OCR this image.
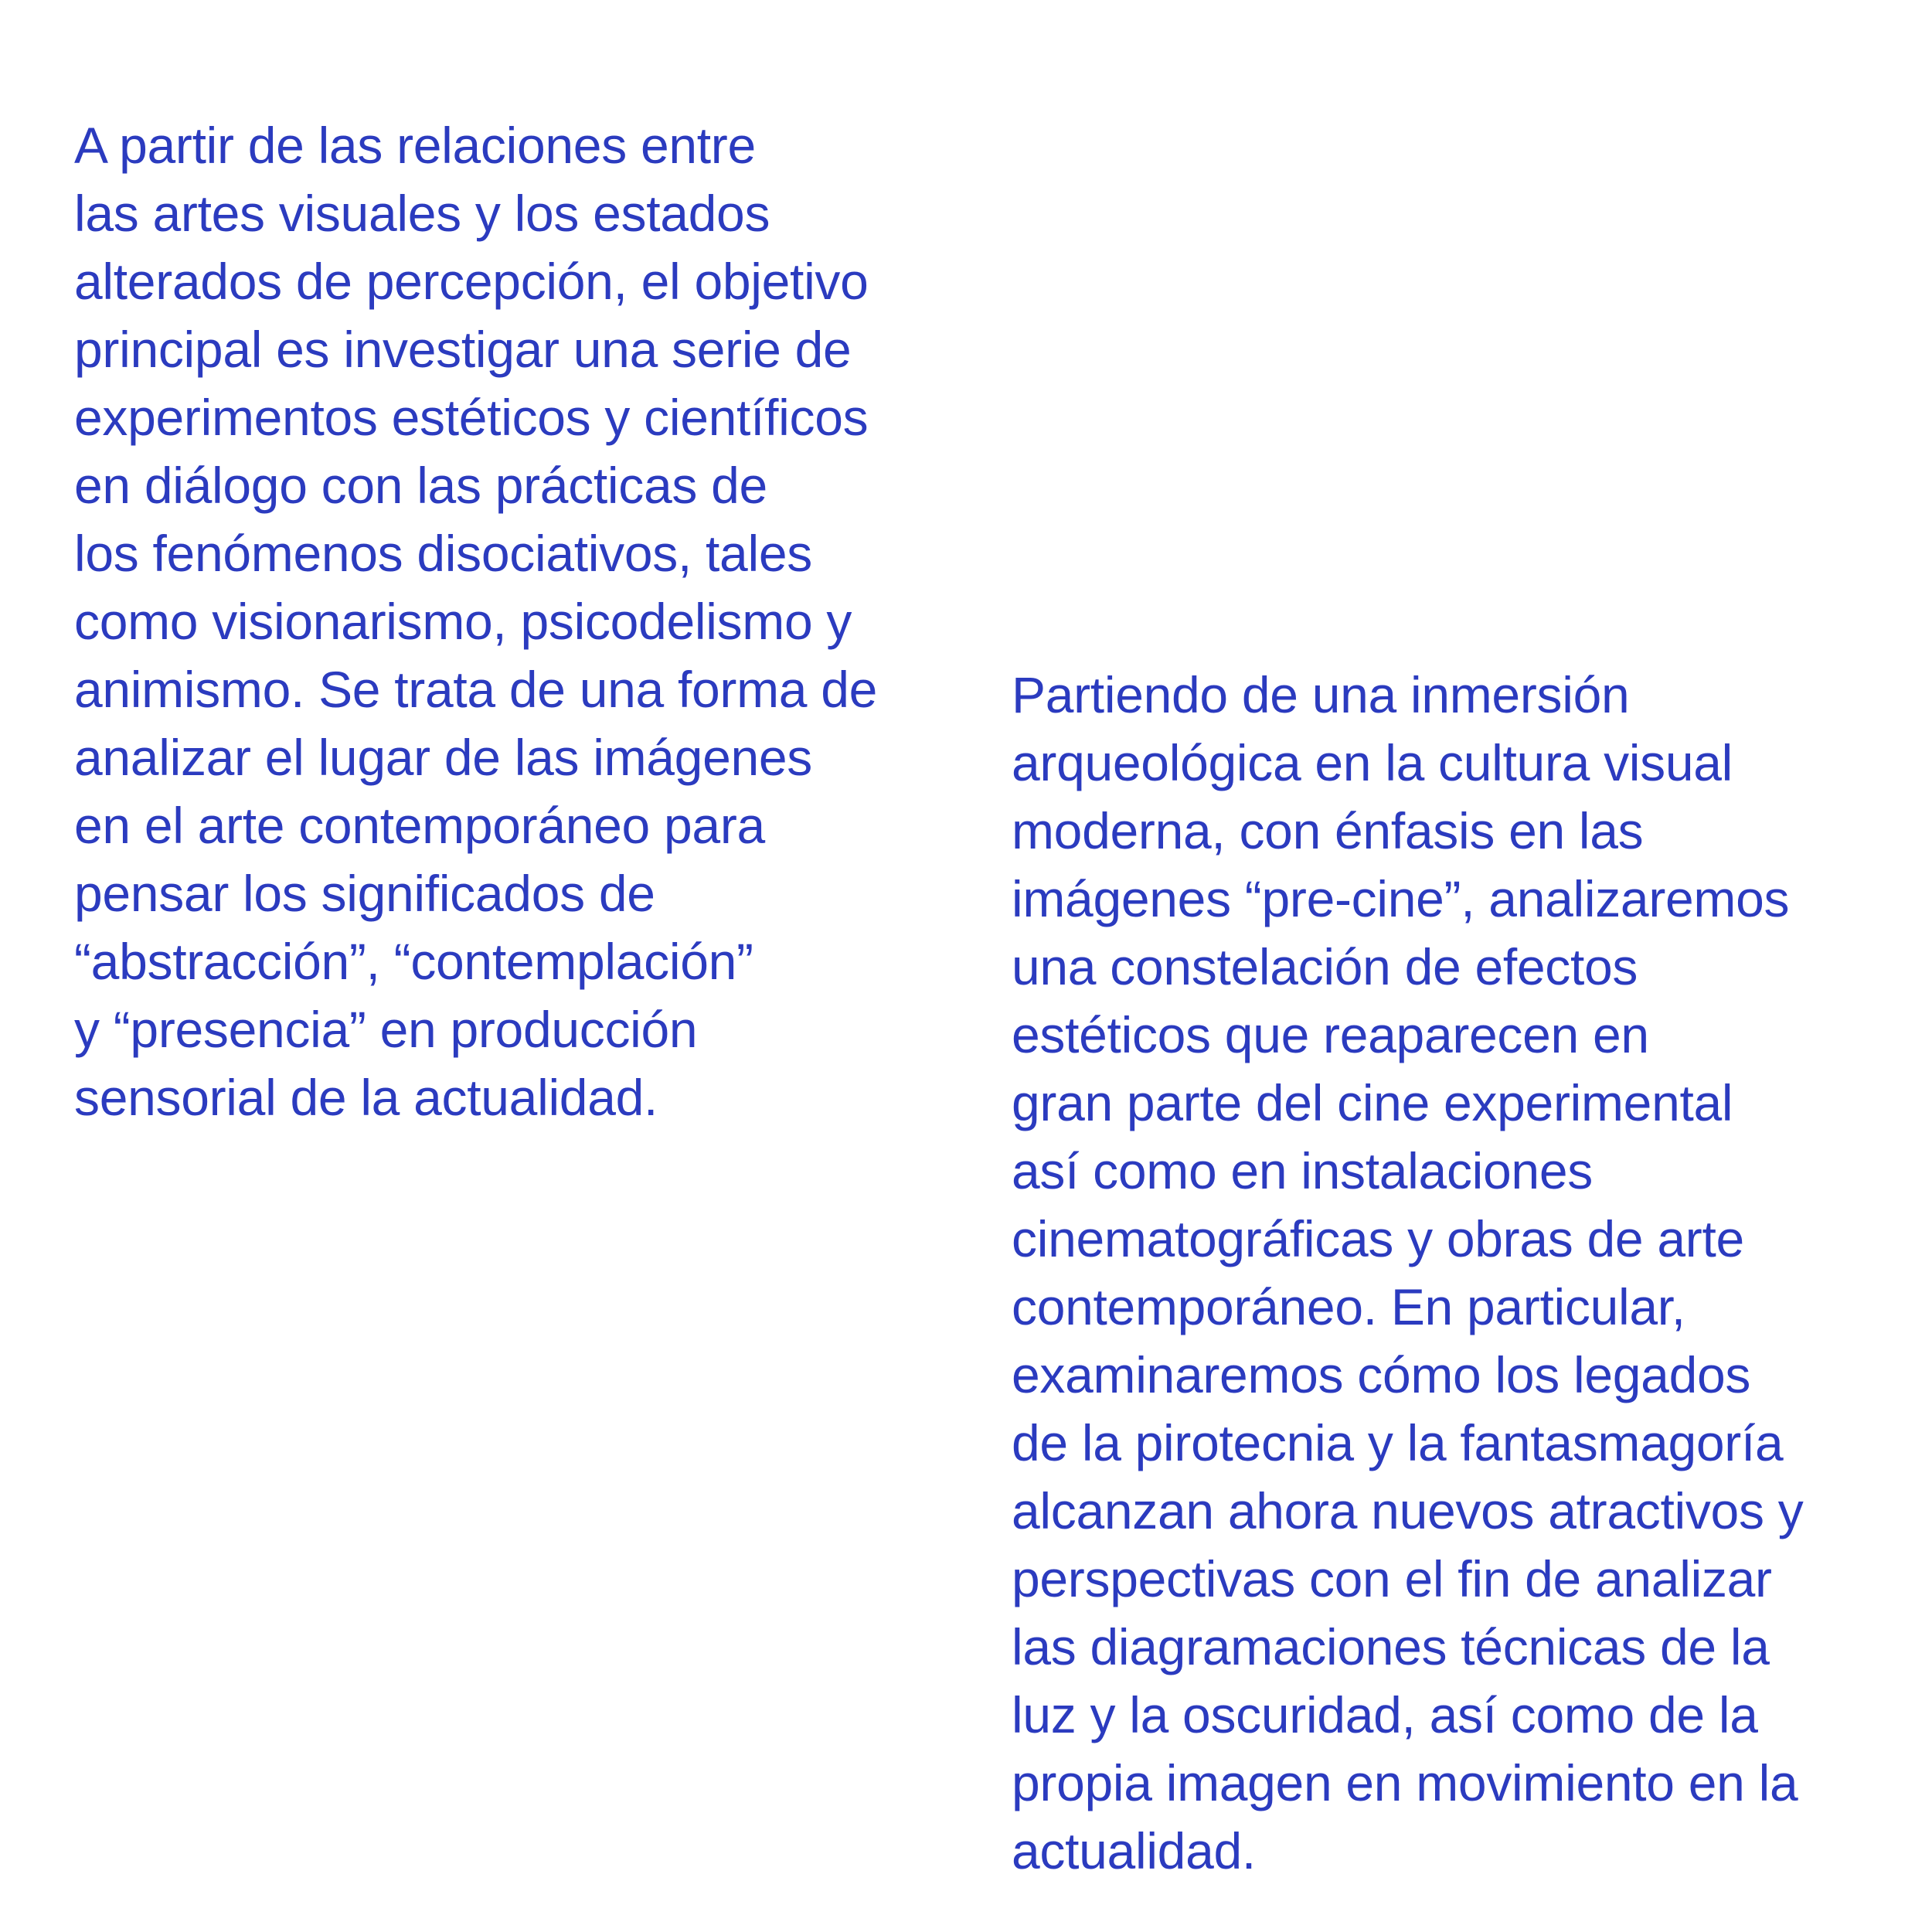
A partir de las relaciones entre
las artes visuales y los estados
alterados de percepción, el objetivo
principal es investigar una serie de
experimentos estéticos y científicos
en diálogo con las prácticas de
los fenómenos disociativos, tales
como visionarismo, psicodelismo y
animismo. Se trata de una forma de
analizar el lugar de las imágenes
en el arte contemporáneo para
pensar los significados de
“abstracción”, “contemplación”
y “presencia” en producción
sensorial de la actualidad.

Partiendo de una inmersión
arqueológica en la cultura visual
moderna, con énfasis en las
imágenes “pre-cine”, analizaremos
una constelación de efectos
estéticos que reaparecen en
gran parte del cine experimental
así como en instalaciones
cinematográficas y obras de arte
contemporáneo. En particular,
examinaremos cómo los legados
de la pirotecnia y la fantasmagoría
alcanzan ahora nuevos atractivos y
perspectivas con el fin de analizar
las diagramaciones técnicas de la
luz y la oscuridad, así como de la
propia imagen en movimiento en la
actualidad.
